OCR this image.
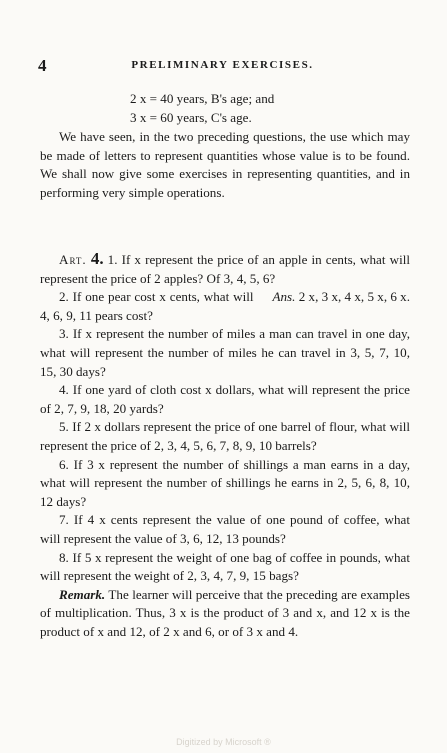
4	PRELIMINARY EXERCISES.
2 x = 40 years, B's age; and
3 x = 60 years, C's age.

We have seen, in the two preceding questions, the use which may be made of letters to represent quantities whose value is to be found. We shall now give some exercises in representing quantities, and in performing very simple operations.

Art. 4. 1. If x represent the price of an apple in cents, what will represent the price of 2 apples? Of 3, 4, 5, 6?
Ans. 2 x, 3 x, 4 x, 5 x, 6 x.

2. If one pear cost x cents, what will 4, 6, 9, 11 pears cost?

3. If x represent the number of miles a man can travel in one day, what will represent the number of miles he can travel in 3, 5, 7, 10, 15, 30 days?

4. If one yard of cloth cost x dollars, what will represent the price of 2, 7, 9, 18, 20 yards?

5. If 2 x dollars represent the price of one barrel of flour, what will represent the price of 2, 3, 4, 5, 6, 7, 8, 9, 10 barrels?

6. If 3 x represent the number of shillings a man earns in a day, what will represent the number of shillings he earns in 2, 5, 6, 8, 10, 12 days?

7. If 4 x cents represent the value of one pound of coffee, what will represent the value of 3, 6, 12, 13 pounds?

8. If 5 x represent the weight of one bag of coffee in pounds, what will represent the weight of 2, 3, 4, 7, 9, 15 bags?

Remark. The learner will perceive that the preceding are examples of multiplication. Thus, 3 x is the product of 3 and x, and 12 x is the product of x and 12, of 2 x and 6, or of 3 x and 4.

Digitized by Microsoft ®
